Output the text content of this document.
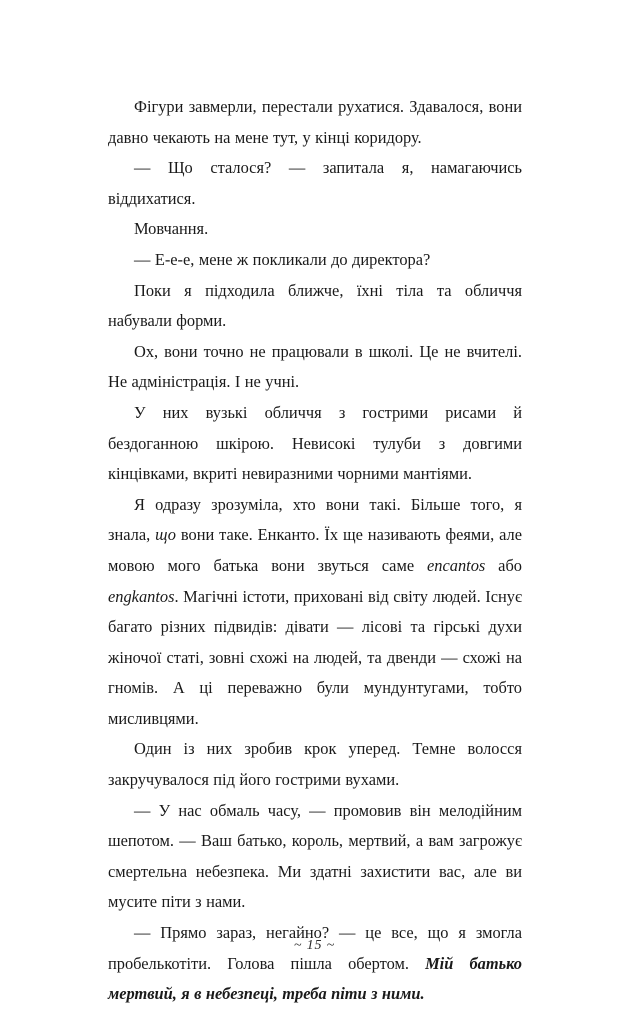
Фігури завмерли, перестали рухатися. Здавалося, вони давно чекають на мене тут, у кінці коридору.

— Що сталося? — запитала я, намагаючись віддихатися.

Мовчання.

— Е-е-е, мене ж покликали до директора?

Поки я підходила ближче, їхні тіла та обличчя набували форми.

Ох, вони точно не працювали в школі. Це не вчителі. Не адміністрація. І не учні.

У них вузькі обличчя з гострими рисами й бездоганною шкірою. Невисокі тулуби з довгими кінцівками, вкриті невиразними чорними мантіями.

Я одразу зрозуміла, хто вони такі. Більше того, я знала, що вони таке. Енканто. Їх ще називають феями, але мовою мого батька вони звуться саме encantos або engkantos. Магічні істоти, приховані від світу людей. Існує багато різних підвидів: дівати — лісові та гірські духи жіночої статі, зовні схожі на людей, та двенди — схожі на гномів. А ці переважно були мундунтугами, тобто мисливцями.

Один із них зробив крок уперед. Темне волосся закручувалося під його гострими вухами.

— У нас обмаль часу, — промовив він мелодійним шепотом. — Ваш батько, король, мертвий, а вам загрожує смертельна небезпека. Ми здатні захистити вас, але ви мусите піти з нами.

— Прямо зараз, негайно? — це все, що я змогла пробелькотіти. Голова пішла обертом. Мій батько мертвий, я в небезпеці, треба піти з ними.

~ 15 ~
